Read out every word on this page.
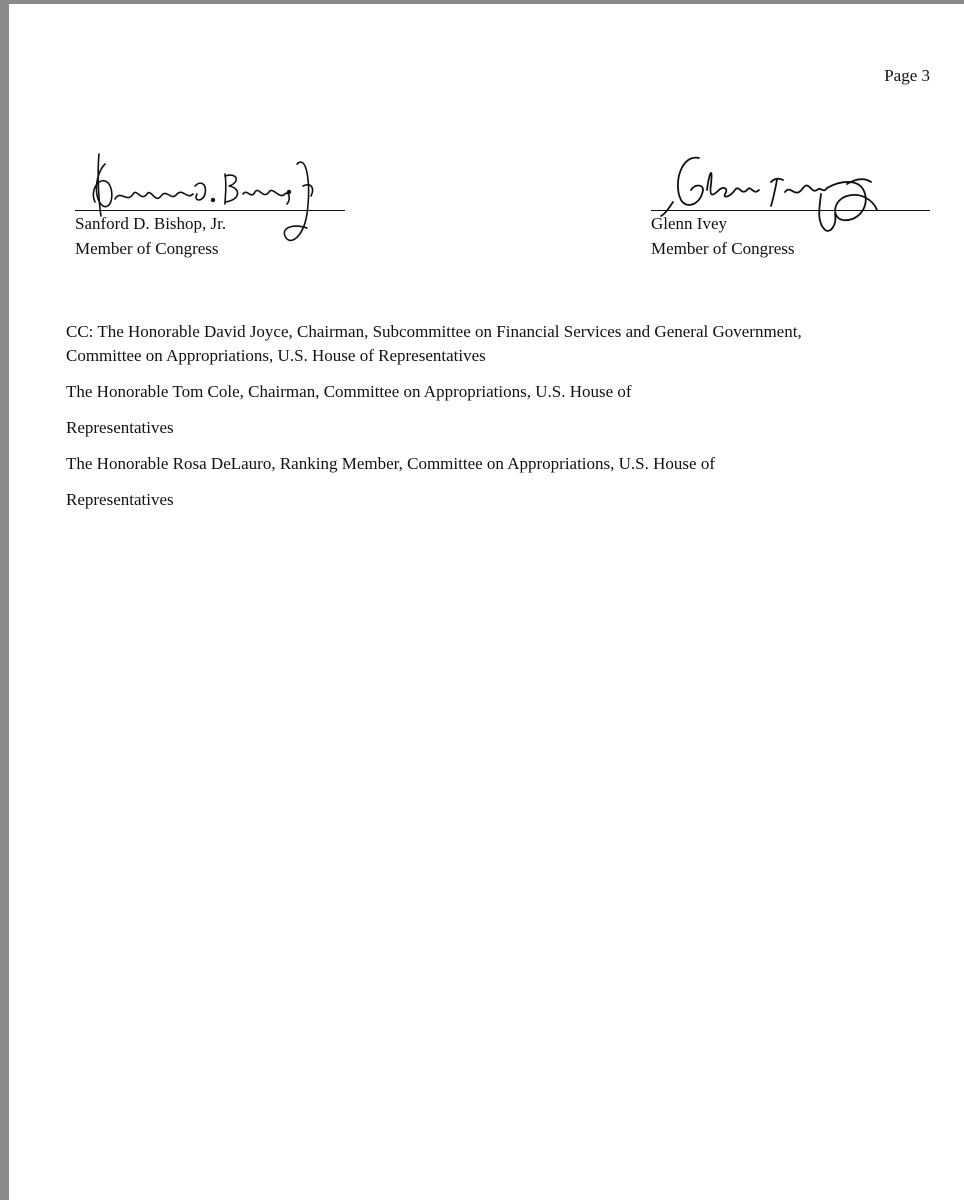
Page 3
Sanford D. Bishop, Jr.
Member of Congress
Glenn Ivey
Member of Congress

CC: The Honorable David Joyce, Chairman, Subcommittee on Financial Services and General Government,

Committee on Appropriations, U.S. House of Representatives

The Honorable Tom Cole, Chairman, Committee on Appropriations, U.S. House of

Representatives

The Honorable Rosa DeLauro, Ranking Member, Committee on Appropriations, U.S. House of

Representatives
